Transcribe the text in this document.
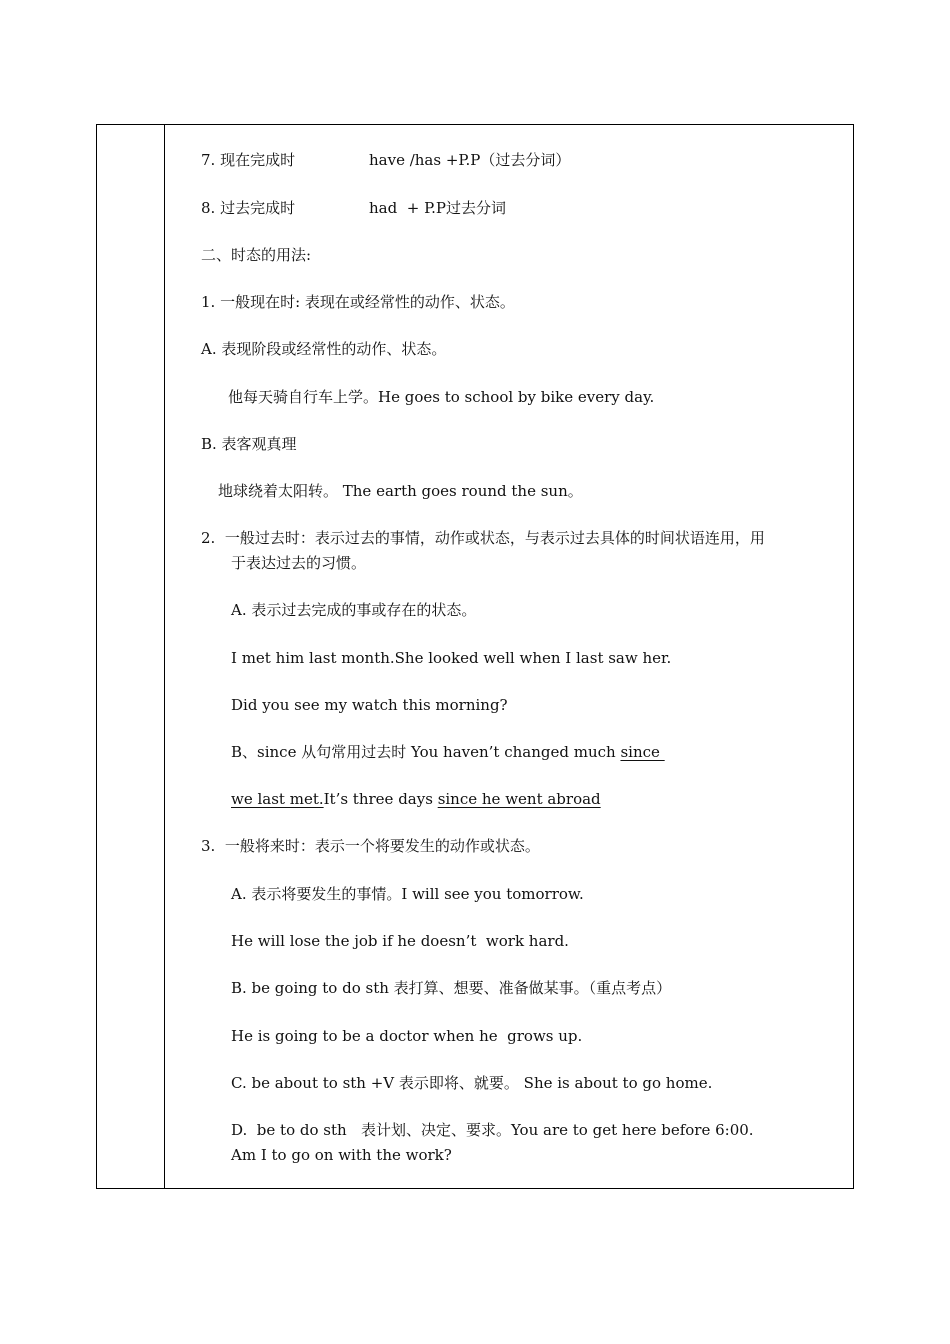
7. 现在完成时	have /has +P.P（过去分词）
8. 过去完成时	had  + P.P过去分词
二、时态的用法:
1. 一般现在时: 表现在或经常性的动作、状态。
A. 表现阶段或经常性的动作、状态。
他每天骑自行车上学。He goes to school by bike every day.
B. 表客观真理
地球绕着太阳转。 The earth goes round the sun。
2.  一般过去时：表示过去的事情，动作或状态，与表示过去具体的时间状语连用，用
于表达过去的习惯。
A. 表示过去完成的事或存在的状态。
I met him last month.She looked well when I last saw her.
Did you see my watch this morning?
B、since 从句常用过去时 You haven’t changed much since
we last met.It’s three days since he went abroad
3.  一般将来时：表示一个将要发生的动作或状态。
A. 表示将要发生的事情。I will see you tomorrow.
He will lose the job if he doesn’t  work hard.
B. be going to do sth 表打算、想要、准备做某事。（重点考点）
He is going to be a doctor when he  grows up.
C. be about to sth +V 表示即将、就要。 She is about to go home.
D.  be to do sth   表计划、决定、要求。You are to get here before 6:00.
Am I to go on with the work?
